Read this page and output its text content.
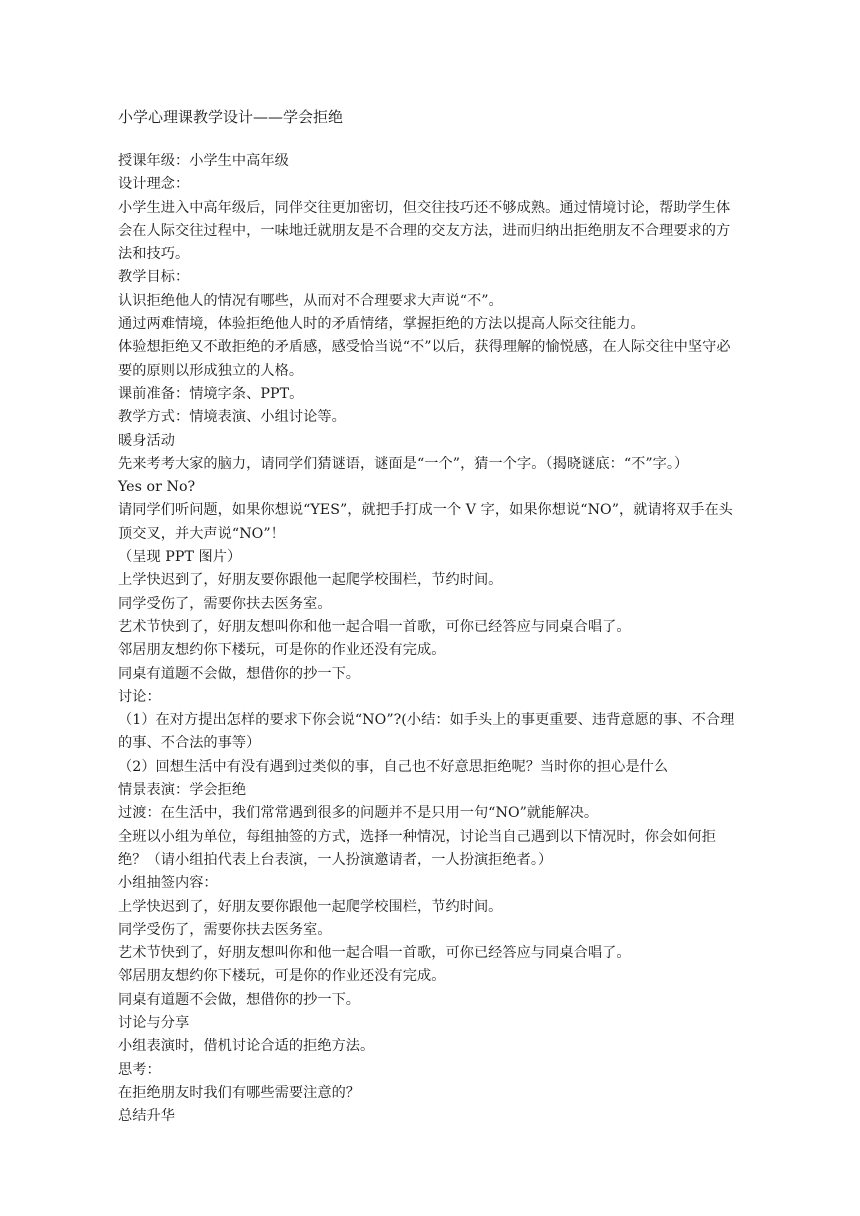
小学心理课教学设计——学会拒绝

授课年级：小学生中高年级

设计理念：

小学生进入中高年级后，同伴交往更加密切，但交往技巧还不够成熟。通过情境讨论，帮助学生体会在人际交往过程中，一味地迁就朋友是不合理的交友方法，进而归纳出拒绝朋友不合理要求的方法和技巧。

教学目标：

认识拒绝他人的情况有哪些，从而对不合理要求大声说“不”。

通过两难情境，体验拒绝他人时的矛盾情绪，掌握拒绝的方法以提高人际交往能力。

体验想拒绝又不敢拒绝的矛盾感，感受恰当说“不”以后，获得理解的愉悦感，在人际交往中坚守必要的原则以形成独立的人格。

课前准备：情境字条、PPT。

教学方式：情境表演、小组讨论等。

暖身活动

先来考考大家的脑力，请同学们猜谜语，谜面是“一个”，猜一个字。（揭晓谜底：“不”字。）

Yes or No?

请同学们听问题，如果你想说“YES”，就把手打成一个 V 字，如果你想说“NO”，就请将双手在头顶交叉，并大声说“NO”！

（呈现 PPT 图片）

上学快迟到了，好朋友要你跟他一起爬学校围栏，节约时间。

同学受伤了，需要你扶去医务室。

艺术节快到了，好朋友想叫你和他一起合唱一首歌，可你已经答应与同桌合唱了。

邻居朋友想约你下楼玩，可是你的作业还没有完成。

同桌有道题不会做，想借你的抄一下。

讨论：

（1）在对方提出怎样的要求下你会说“NO”?(小结：如手头上的事更重要、违背意愿的事、不合理的事、不合法的事等）

（2）回想生活中有没有遇到过类似的事，自己也不好意思拒绝呢？当时你的担心是什么

情景表演：学会拒绝

过渡：在生活中，我们常常遇到很多的问题并不是只用一句“NO”就能解决。

全班以小组为单位，每组抽签的方式，选择一种情况，讨论当自己遇到以下情况时，你会如何拒绝？（请小组拍代表上台表演，一人扮演邀请者，一人扮演拒绝者。）

小组抽签内容：

上学快迟到了，好朋友要你跟他一起爬学校围栏，节约时间。

同学受伤了，需要你扶去医务室。

艺术节快到了，好朋友想叫你和他一起合唱一首歌，可你已经答应与同桌合唱了。

邻居朋友想约你下楼玩，可是你的作业还没有完成。

同桌有道题不会做，想借你的抄一下。

讨论与分享

小组表演时，借机讨论合适的拒绝方法。

思考：

在拒绝朋友时我们有哪些需要注意的？

总结升华
